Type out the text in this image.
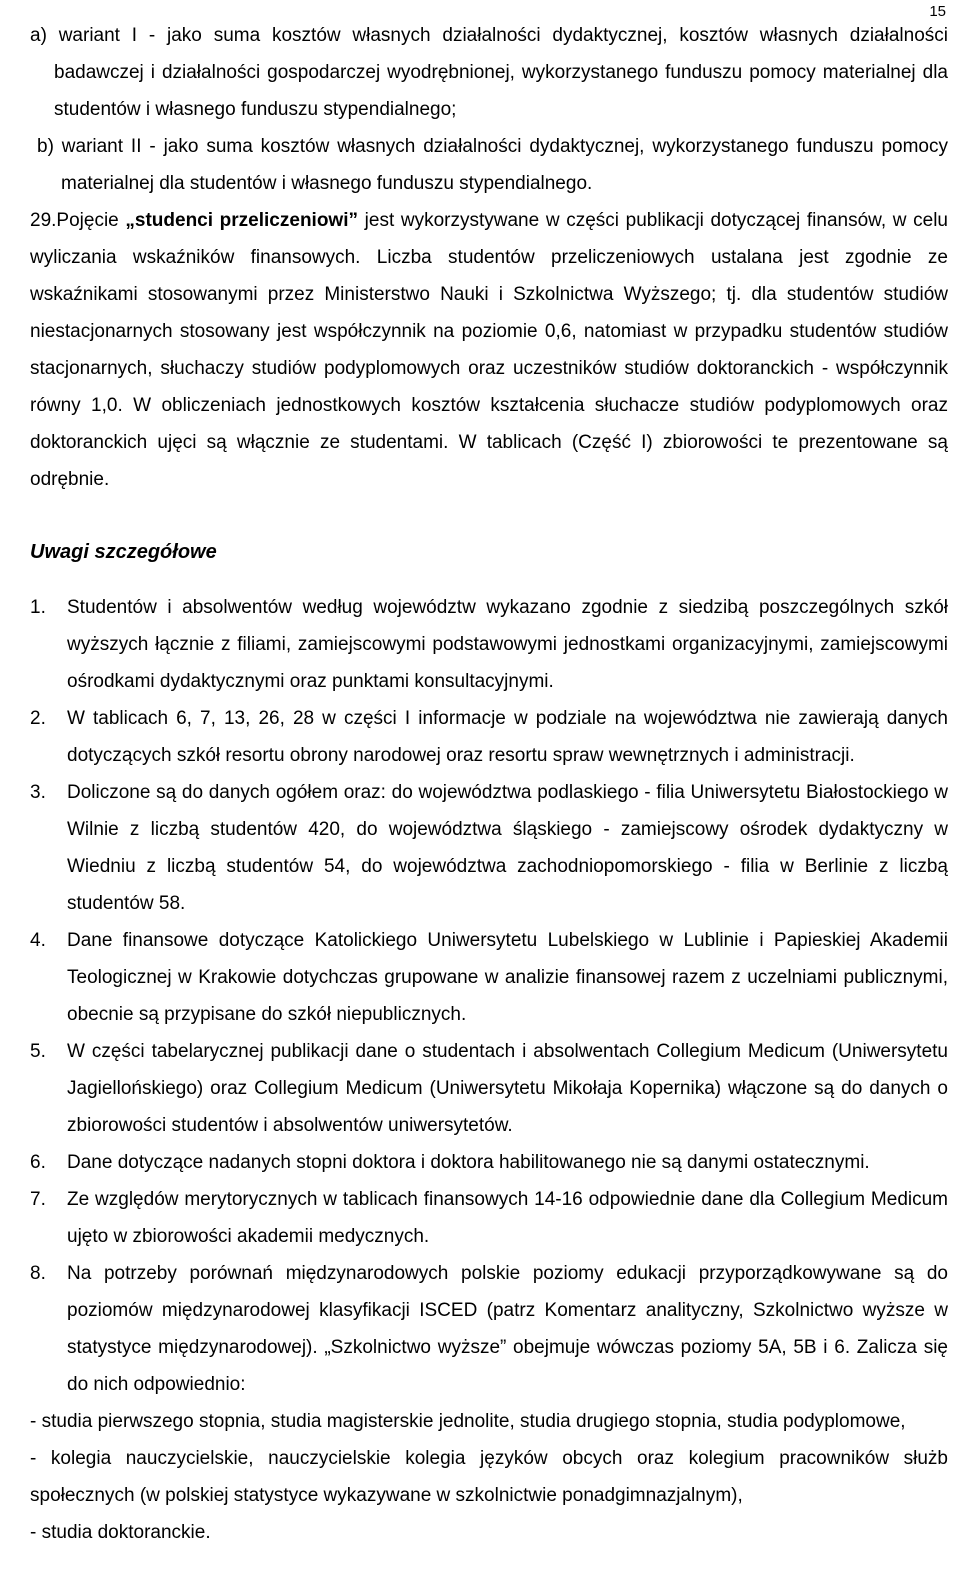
15

a) wariant I - jako suma kosztów własnych działalności dydaktycznej, kosztów własnych działalności badawczej i działalności gospodarczej wyodrębnionej, wykorzystanego funduszu pomocy materialnej dla studentów i własnego funduszu stypendialnego;

b) wariant II - jako suma kosztów własnych działalności dydaktycznej, wykorzystanego funduszu pomocy materialnej dla studentów i własnego funduszu stypendialnego.

29.Pojęcie „studenci przeliczeniowi” jest wykorzystywane w części publikacji dotyczącej finansów, w celu wyliczania wskaźników finansowych. Liczba studentów przeliczeniowych ustalana jest zgodnie ze wskaźnikami stosowanymi przez Ministerstwo Nauki i Szkolnictwa Wyższego; tj. dla studentów studiów niestacjonarnych stosowany jest współczynnik na poziomie 0,6, natomiast w przypadku studentów studiów stacjonarnych, słuchaczy studiów podyplomowych oraz uczestników studiów doktoranckich - współczynnik równy 1,0. W obliczeniach jednostkowych kosztów kształcenia słuchacze studiów podyplomowych oraz doktoranckich ujęci są włącznie ze studentami. W tablicach (Część I) zbiorowości te prezentowane są odrębnie.

Uwagi szczegółowe

1. Studentów i absolwentów według województw wykazano zgodnie z siedzibą poszczególnych szkół wyższych łącznie z filiami, zamiejscowymi podstawowymi jednostkami organizacyjnymi, zamiejscowymi ośrodkami dydaktycznymi oraz punktami konsultacyjnymi.
2. W tablicach 6, 7, 13, 26, 28 w części I informacje w podziale na województwa nie zawierają danych dotyczących szkół resortu obrony narodowej oraz resortu spraw wewnętrznych i administracji.
3. Doliczone są do danych ogółem oraz: do województwa podlaskiego - filia Uniwersytetu Białostockiego w Wilnie z liczbą studentów 420, do województwa śląskiego - zamiejscowy ośrodek dydaktyczny w Wiedniu z liczbą studentów 54, do województwa zachodniopomorskiego - filia w Berlinie z liczbą studentów 58.
4. Dane finansowe dotyczące Katolickiego Uniwersytetu Lubelskiego w Lublinie i Papieskiej Akademii Teologicznej w Krakowie dotychczas grupowane w analizie finansowej razem z uczelniami publicznymi, obecnie są przypisane do szkół niepublicznych.
5. W części tabelarycznej publikacji dane o studentach i absolwentach Collegium Medicum (Uniwersytetu Jagiellońskiego) oraz Collegium Medicum (Uniwersytetu Mikołaja Kopernika) włączone są do danych o zbiorowości studentów i absolwentów uniwersytetów.
6. Dane dotyczące nadanych stopni doktora i doktora habilitowanego nie są danymi ostatecznymi.
7. Ze względów merytorycznych w tablicach finansowych 14-16 odpowiednie dane dla Collegium Medicum ujęto w zbiorowości akademii medycznych.
8. Na potrzeby porównań międzynarodowych polskie poziomy edukacji przyporządkowywane są do poziomów międzynarodowej klasyfikacji ISCED (patrz Komentarz analityczny, Szkolnictwo wyższe w statystyce międzynarodowej). „Szkolnictwo wyższe” obejmuje wówczas poziomy 5A, 5B i 6. Zalicza się do nich odpowiednio:

- studia pierwszego stopnia, studia magisterskie jednolite, studia drugiego stopnia, studia podyplomowe,

- kolegia nauczycielskie, nauczycielskie kolegia języków obcych oraz kolegium pracowników służb społecznych (w polskiej statystyce wykazywane w szkolnictwie ponadgimnazjalnym),

- studia doktoranckie.
